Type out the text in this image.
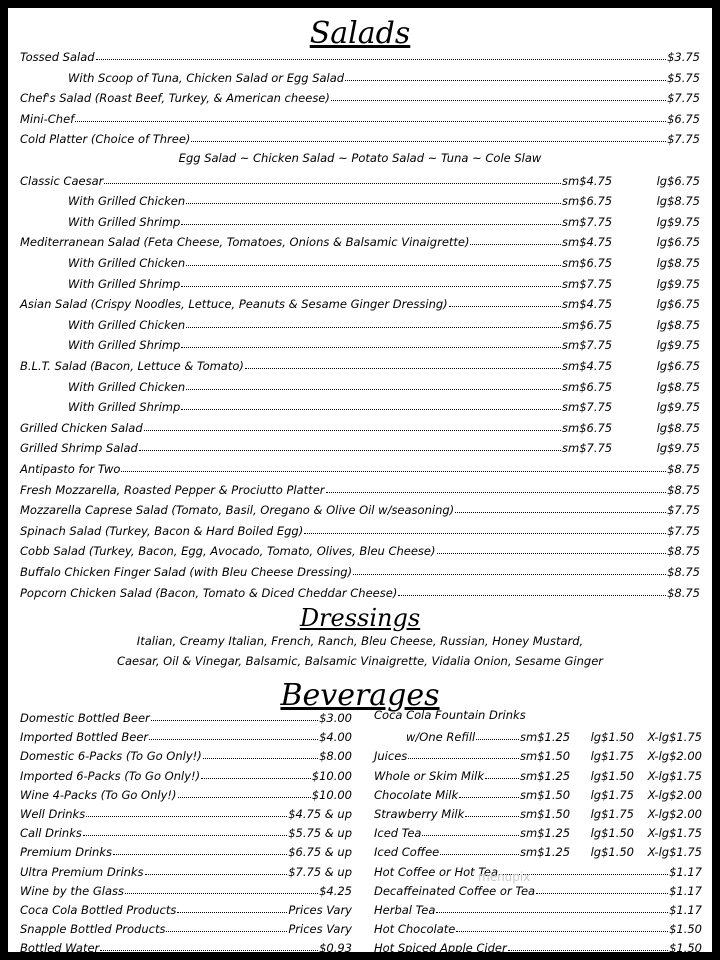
Salads
Tossed Salad	$3.75
With Scoop of Tuna, Chicken Salad or Egg Salad	$5.75
Chef's Salad (Roast Beef, Turkey, & American cheese)	$7.75
Mini-Chef	$6.75
Cold Platter (Choice of Three)	$7.75
Egg Salad ~ Chicken Salad ~ Potato Salad ~ Tuna ~ Cole Slaw
Classic Caesar	sm$4.75	lg$6.75
With Grilled Chicken	sm$6.75	lg$8.75
With Grilled Shrimp	sm$7.75	lg$9.75
Mediterranean Salad (Feta Cheese, Tomatoes, Onions & Balsamic Vinaigrette)	sm$4.75	lg$6.75
With Grilled Chicken	sm$6.75	lg$8.75
With Grilled Shrimp	sm$7.75	lg$9.75
Asian Salad (Crispy Noodles, Lettuce, Peanuts & Sesame Ginger Dressing)	sm$4.75	lg$6.75
With Grilled Chicken	sm$6.75	lg$8.75
With Grilled Shrimp	sm$7.75	lg$9.75
B.L.T. Salad (Bacon, Lettuce & Tomato)	sm$4.75	lg$6.75
With Grilled Chicken	sm$6.75	lg$8.75
With Grilled Shrimp	sm$7.75	lg$9.75
Grilled Chicken Salad	sm$6.75	lg$8.75
Grilled Shrimp Salad	sm$7.75	lg$9.75
Antipasto for Two	$8.75
Fresh Mozzarella, Roasted Pepper & Prociutto Platter	$8.75
Mozzarella Caprese Salad (Tomato, Basil, Oregano & Olive Oil w/seasoning)	$7.75
Spinach Salad (Turkey, Bacon & Hard Boiled Egg)	$7.75
Cobb Salad (Turkey, Bacon, Egg, Avocado, Tomato, Olives, Bleu Cheese)	$8.75
Buffalo Chicken Finger Salad (with Bleu Cheese Dressing)	$8.75
Popcorn Chicken Salad (Bacon, Tomato & Diced Cheddar Cheese)	$8.75
Dressings
Italian, Creamy Italian, French, Ranch, Bleu Cheese, Russian, Honey Mustard,
Caesar, Oil & Vinegar, Balsamic, Balsamic Vinaigrette, Vidalia Onion, Sesame Ginger
Beverages
Domestic Bottled Beer	$3.00
Imported Bottled Beer	$4.00
Domestic 6-Packs (To Go Only!)	$8.00
Imported 6-Packs (To Go Only!)	$10.00
Wine 4-Packs (To Go Only!)	$10.00
Well Drinks	$4.75 & up
Call Drinks	$5.75 & up
Premium Drinks	$6.75 & up
Ultra Premium Drinks	$7.75 & up
Wine by the Glass	$4.25
Coca Cola Bottled Products	Prices Vary
Snapple Bottled Products	Prices Vary
Bottled Water	$0.93
w/One Refill	sm$1.25	lg$1.50	X-lg$1.75
Juices	sm$1.50	lg$1.75	X-lg$2.00
Whole or Skim Milk	sm$1.25	lg$1.50	X-lg$1.75
Chocolate Milk	sm$1.50	lg$1.75	X-lg$2.00
Strawberry Milk	sm$1.50	lg$1.75	X-lg$2.00
Iced Tea	sm$1.25	lg$1.50	X-lg$1.75
Iced Coffee	sm$1.25	lg$1.50	X-lg$1.75
Hot Coffee or Hot Tea	$1.17
Decaffeinated Coffee or Tea	$1.17
Herbal Tea	$1.17
Hot Chocolate	$1.50
Hot Spiced Apple Cider	$1.50
Coca Cola Fountain Drinks
menupix
